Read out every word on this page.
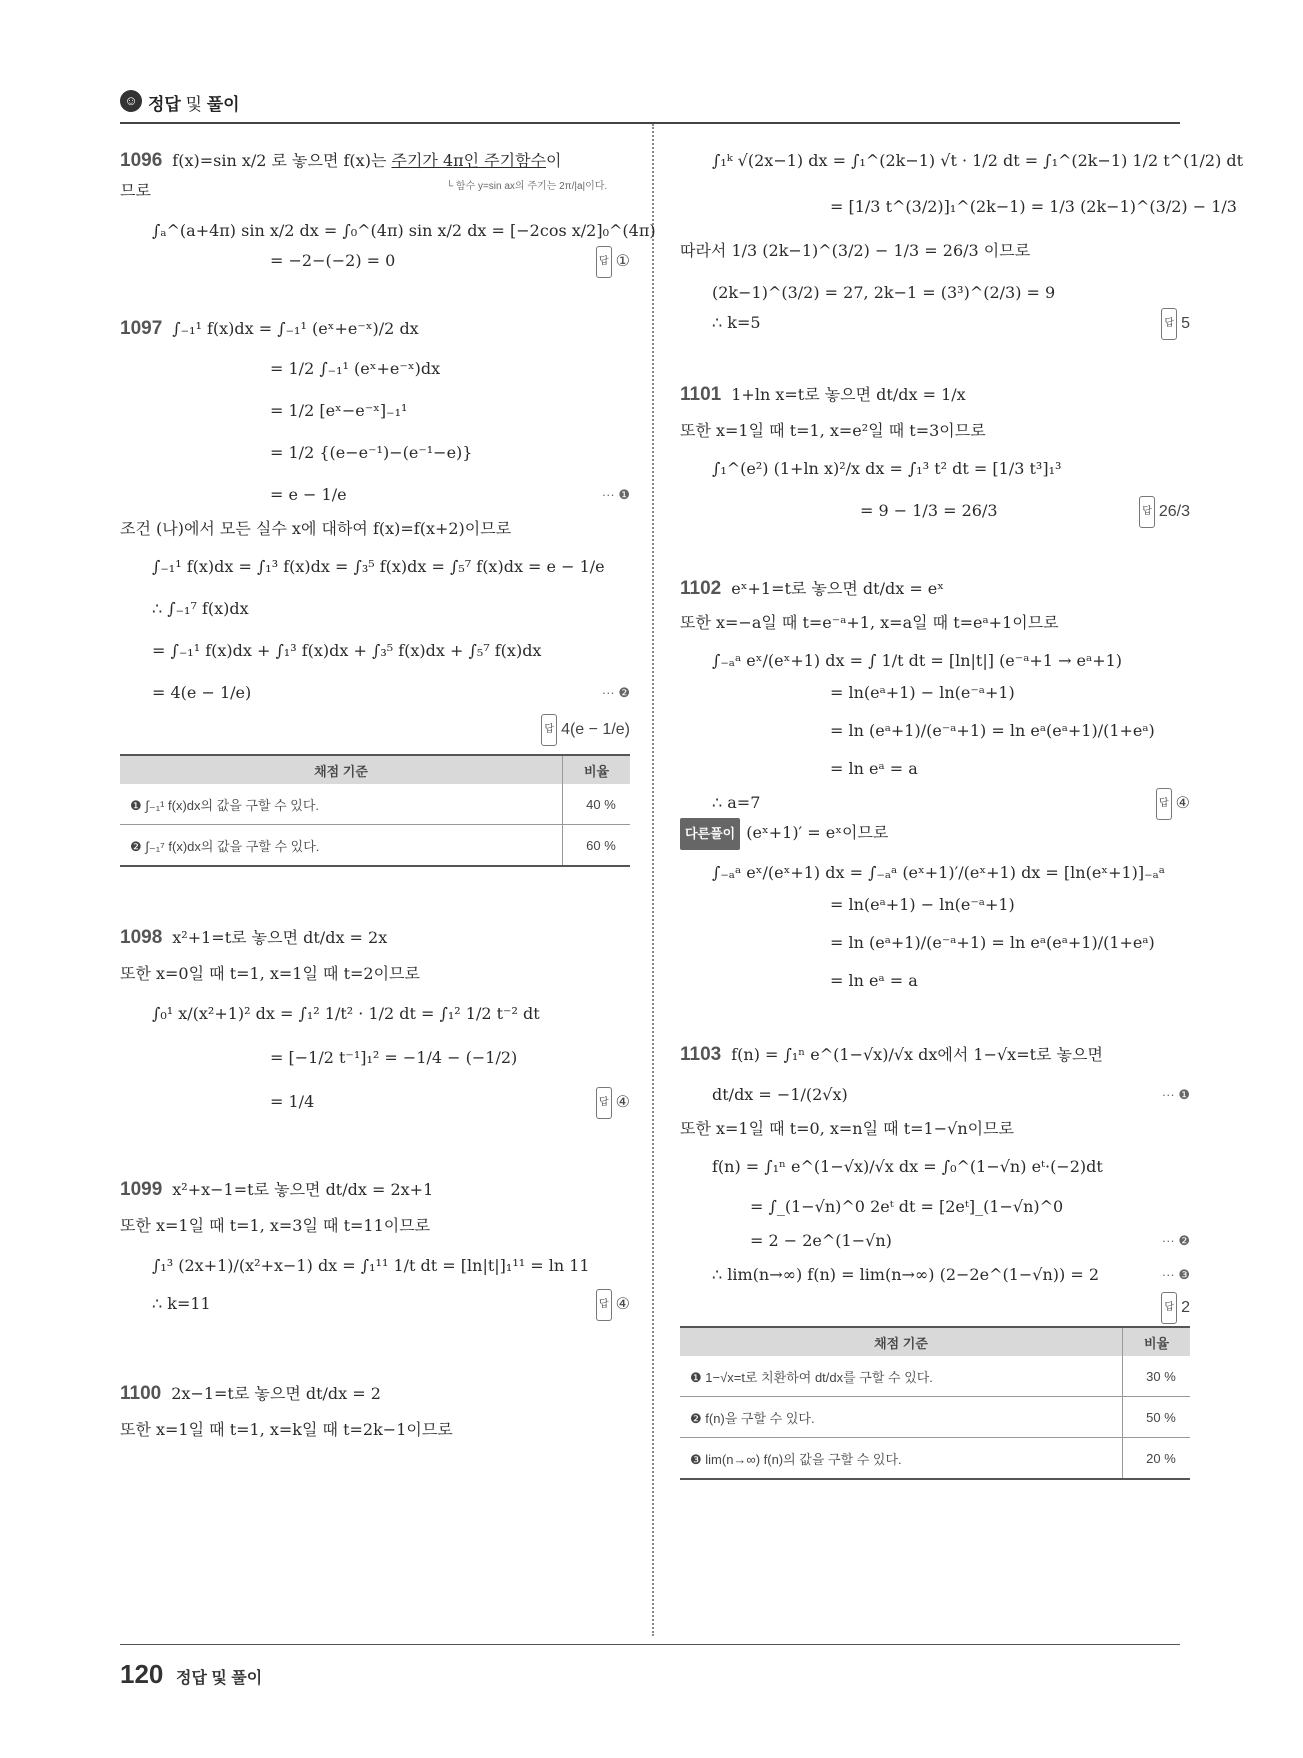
☺ 정답 및 풀이
1096 f(x)=sin x/2 로 놓으면 f(x)는 주기가 4π인 주기함수이
므로	└ 함수 y=sin ax의 주기는 2π/|a|이다.
∫ₐ^(a+4π) sin x/2 dx = ∫₀^(4π) sin x/2 dx = [−2cos x/2]₀^(4π)
= −2−(−2) = 0	답 ①
1097 ∫₋₁¹ f(x)dx = ∫₋₁¹ (eˣ+e⁻ˣ)/2 dx
= 1/2 ∫₋₁¹ (eˣ+e⁻ˣ)dx
= 1/2 [eˣ−e⁻ˣ]₋₁¹
= 1/2 {(e−e⁻¹)−(e⁻¹−e)}
= e − 1/e	··· ❶
조건 (나)에서 모든 실수 x에 대하여 f(x)=f(x+2)이므로
∫₋₁¹ f(x)dx = ∫₁³ f(x)dx = ∫₃⁵ f(x)dx = ∫₅⁷ f(x)dx = e − 1/e
∴ ∫₋₁⁷ f(x)dx
= ∫₋₁¹ f(x)dx + ∫₁³ f(x)dx + ∫₃⁵ f(x)dx + ∫₅⁷ f(x)dx
= 4(e − 1/e)	··· ❷
답 4(e − 1/e)
채점 기준	비율
❶ ∫₋₁¹ f(x)dx의 값을 구할 수 있다.	40 %
❷ ∫₋₁⁷ f(x)dx의 값을 구할 수 있다.	60 %
1098 x²+1=t로 놓으면 dt/dx = 2x
또한 x=0일 때 t=1, x=1일 때 t=2이므로
∫₀¹ x/(x²+1)² dx = ∫₁² 1/t² · 1/2 dt = ∫₁² 1/2 t⁻² dt
= [−1/2 t⁻¹]₁² = −1/4 − (−1/2)
= 1/4	답 ④
1099 x²+x−1=t로 놓으면 dt/dx = 2x+1
또한 x=1일 때 t=1, x=3일 때 t=11이므로
∫₁³ (2x+1)/(x²+x−1) dx = ∫₁¹¹ 1/t dt = [ln|t|]₁¹¹ = ln 11
∴ k=11	답 ④
1100 2x−1=t로 놓으면 dt/dx = 2
또한 x=1일 때 t=1, x=k일 때 t=2k−1이므로
∫₁ᵏ √(2x−1) dx = ∫₁^(2k−1) √t · 1/2 dt = ∫₁^(2k−1) 1/2 t^(1/2) dt
= [1/3 t^(3/2)]₁^(2k−1) = 1/3 (2k−1)^(3/2) − 1/3
따라서 1/3 (2k−1)^(3/2) − 1/3 = 26/3 이므로
(2k−1)^(3/2) = 27, 2k−1 = (3³)^(2/3) = 9
∴ k=5	답 5
1101 1+ln x=t로 놓으면 dt/dx = 1/x
또한 x=1일 때 t=1, x=e²일 때 t=3이므로
∫₁^(e²) (1+ln x)²/x dx = ∫₁³ t² dt = [1/3 t³]₁³
= 9 − 1/3 = 26/3	답 26/3
1102 eˣ+1=t로 놓으면 dt/dx = eˣ
또한 x=−a일 때 t=e⁻ᵃ+1, x=a일 때 t=eᵃ+1이므로
∫₋ₐᵃ eˣ/(eˣ+1) dx = ∫ 1/t dt = [ln|t|] (e⁻ᵃ+1 → eᵃ+1)
= ln(eᵃ+1) − ln(e⁻ᵃ+1)
= ln (eᵃ+1)/(e⁻ᵃ+1) = ln eᵃ(eᵃ+1)/(1+eᵃ)
= ln eᵃ = a
∴ a=7	답 ④
다른풀이 (eˣ+1)′ = eˣ이므로
∫₋ₐᵃ eˣ/(eˣ+1) dx = ∫₋ₐᵃ (eˣ+1)′/(eˣ+1) dx = [ln(eˣ+1)]₋ₐᵃ
= ln(eᵃ+1) − ln(e⁻ᵃ+1)
= ln (eᵃ+1)/(e⁻ᵃ+1) = ln eᵃ(eᵃ+1)/(1+eᵃ)
= ln eᵃ = a
1103 f(n) = ∫₁ⁿ e^(1−√x)/√x dx에서 1−√x=t로 놓으면
dt/dx = −1/(2√x)	··· ❶
또한 x=1일 때 t=0, x=n일 때 t=1−√n이므로
f(n) = ∫₁ⁿ e^(1−√x)/√x dx = ∫₀^(1−√n) eᵗ·(−2)dt
= ∫_(1−√n)^0 2eᵗ dt = [2eᵗ]_(1−√n)^0
= 2 − 2e^(1−√n)	··· ❷
∴ lim(n→∞) f(n) = lim(n→∞) (2−2e^(1−√n)) = 2	··· ❸
답 2
채점 기준	비율
❶ 1−√x=t로 치환하여 dt/dx를 구할 수 있다.	30 %
❷ f(n)을 구할 수 있다.	50 %
❸ lim(n→∞) f(n)의 값을 구할 수 있다.	20 %
120 정답 및 풀이
